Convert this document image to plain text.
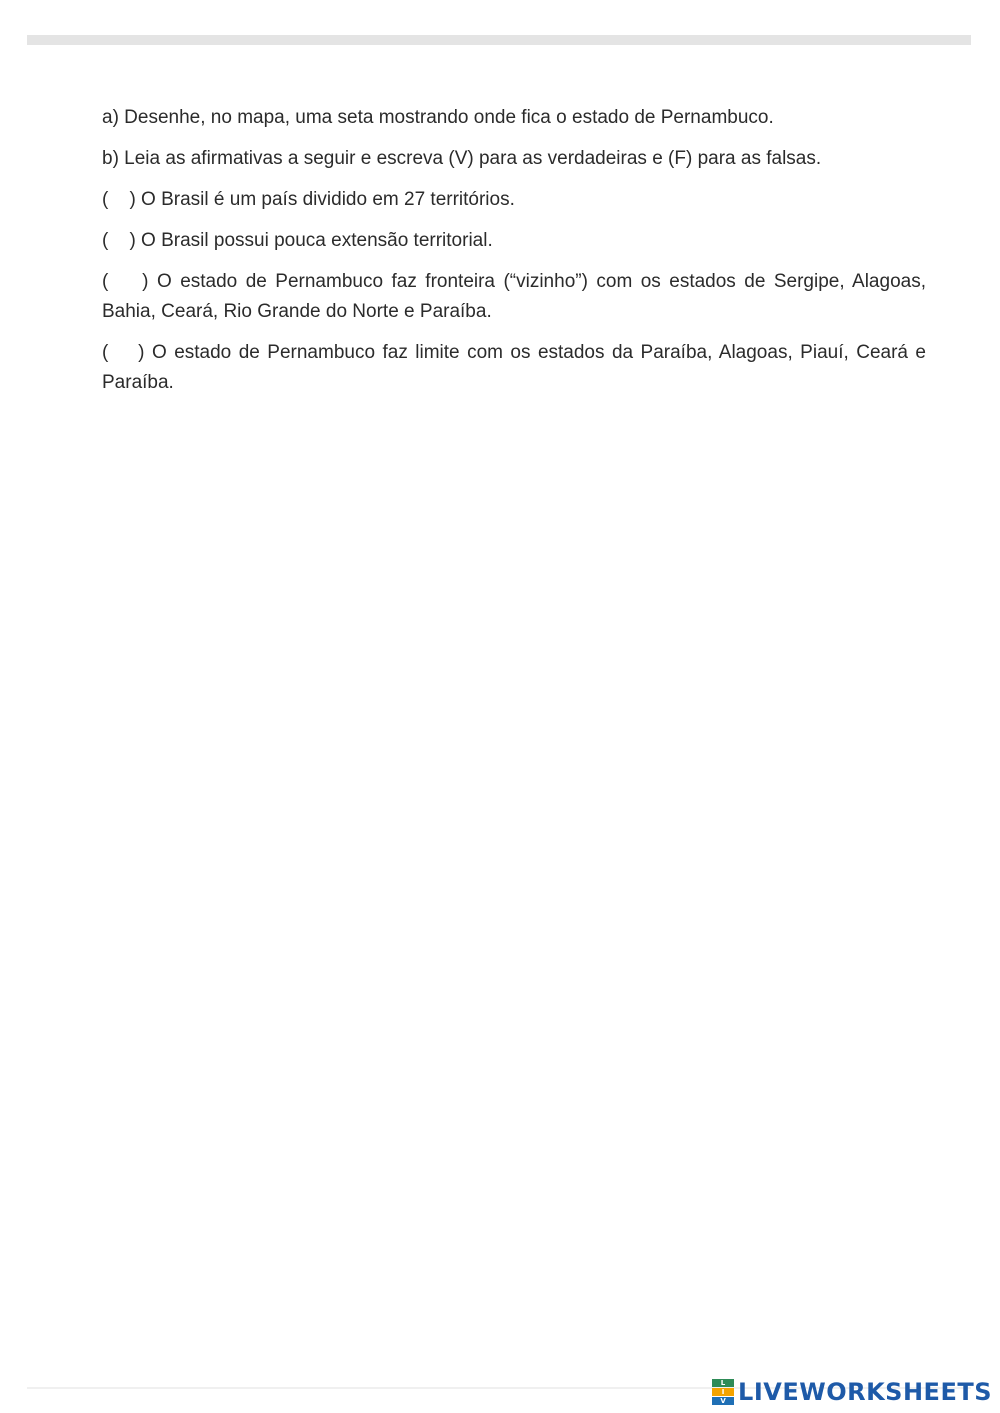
a) Desenhe, no mapa, uma seta mostrando onde fica o estado de Pernambuco.

b) Leia as afirmativas a seguir e escreva (V) para as verdadeiras e (F) para as falsas.

(    ) O Brasil é um país dividido em 27 territórios.

(    ) O Brasil possui pouca extensão territorial.

(    ) O estado de Pernambuco faz fronteira (“vizinho”) com os estados de Sergipe, Alagoas, Bahia, Ceará, Rio Grande do Norte e Paraíba.

(    ) O estado de Pernambuco faz limite com os estados da Paraíba, Alagoas, Piauí, Ceará e Paraíba.

L
I
V LIVEWORKSHEETS
